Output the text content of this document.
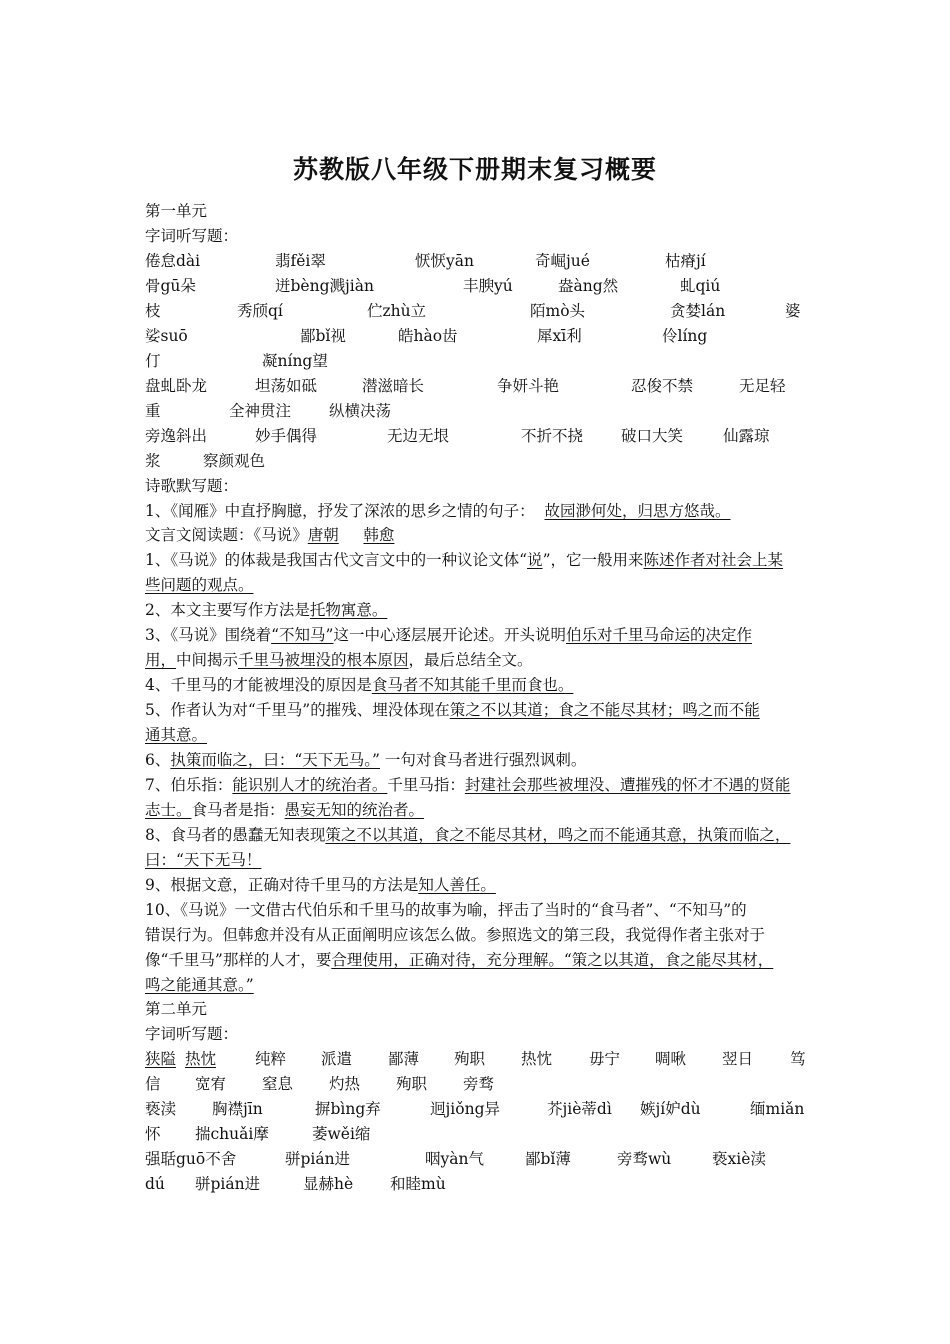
苏教版八年级下册期末复习概要
第一单元
字词听写题：
倦怠dài	翡fěi翠	恹恹yān	奇崛jué	枯瘠jí
骨gū朵	迸bèng溅jiàn	丰腴yú	盎àng然	虬qiú
枝	秀颀qí	伫zhù立	陌mò头	贪婪lán	婆
娑suō	鄙bǐ视	皓hào齿	犀xī利	伶líng
仃	凝níng望
盘虬卧龙	坦荡如砥	潜滋暗长	争妍斗艳	忍俊不禁	无足轻
重	全神贯注 纵横决荡
旁逸斜出	妙手偶得	无边无垠	不折不挠 破口大笑	仙露琼
浆	察颜观色
诗歌默写题：
1、《闻雁》中直抒胸臆，抒发了深浓的思乡之情的句子： 故园渺何处，归思方悠哉。
文言文阅读题：《马说》唐朝 韩愈
1、《马说》的体裁是我国古代文言文中的一种议论文体“说”，它一般用来陈述作者对社会上某
些问题的观点。
2、本文主要写作方法是托物寓意。
3、《马说》围绕着“不知马”这一中心逐层展开论述。开头说明伯乐对千里马命运的决定作
用，中间揭示千里马被埋没的根本原因，最后总结全文。
4、千里马的才能被埋没的原因是食马者不知其能千里而食也。
5、作者认为对“千里马”的摧残、埋没体现在策之不以其道；食之不能尽其材；鸣之而不能
通其意。
6、执策而临之，曰：“天下无马。” 一句对食马者进行强烈讽刺。
7、伯乐指：能识别人才的统治者。千里马指：封建社会那些被埋没、遭摧残的怀才不遇的贤能
志士。食马者是指：愚妄无知的统治者。
8、食马者的愚蠢无知表现策之不以其道，食之不能尽其材，鸣之而不能通其意，执策而临之，
曰：“天下无马！
9、根据文意，正确对待千里马的方法是知人善任。
10、《马说》一文借古代伯乐和千里马的故事为喻，抨击了当时的“食马者”、“不知马”的
错误行为。但韩愈并没有从正面阐明应该怎么做。参照选文的第三段，我觉得作者主张对于
像“千里马”那样的人才，要合理使用，正确对待，充分理解。“策之以其道，食之能尽其材，
鸣之能通其意。”
第二单元
字词听写题：
狭隘 热忱	纯粹 派遣 鄙薄 殉职 热忱 毋宁 啁啾 翌日 笃
信 宽宥 窒息 灼热 殉职 旁骛
亵渎 胸襟jīn	摒bìng弃	迥jiǒng异	芥jiè蒂dì 嫉jí妒dù	缅miǎn
怀 揣chuǎi摩	萎wěi缩
强聒guō不舍	骈pián进	咽yàn气	鄙bǐ薄	旁骛wù	亵xiè渎
dú 骈pián进	显赫hè 和睦mù
